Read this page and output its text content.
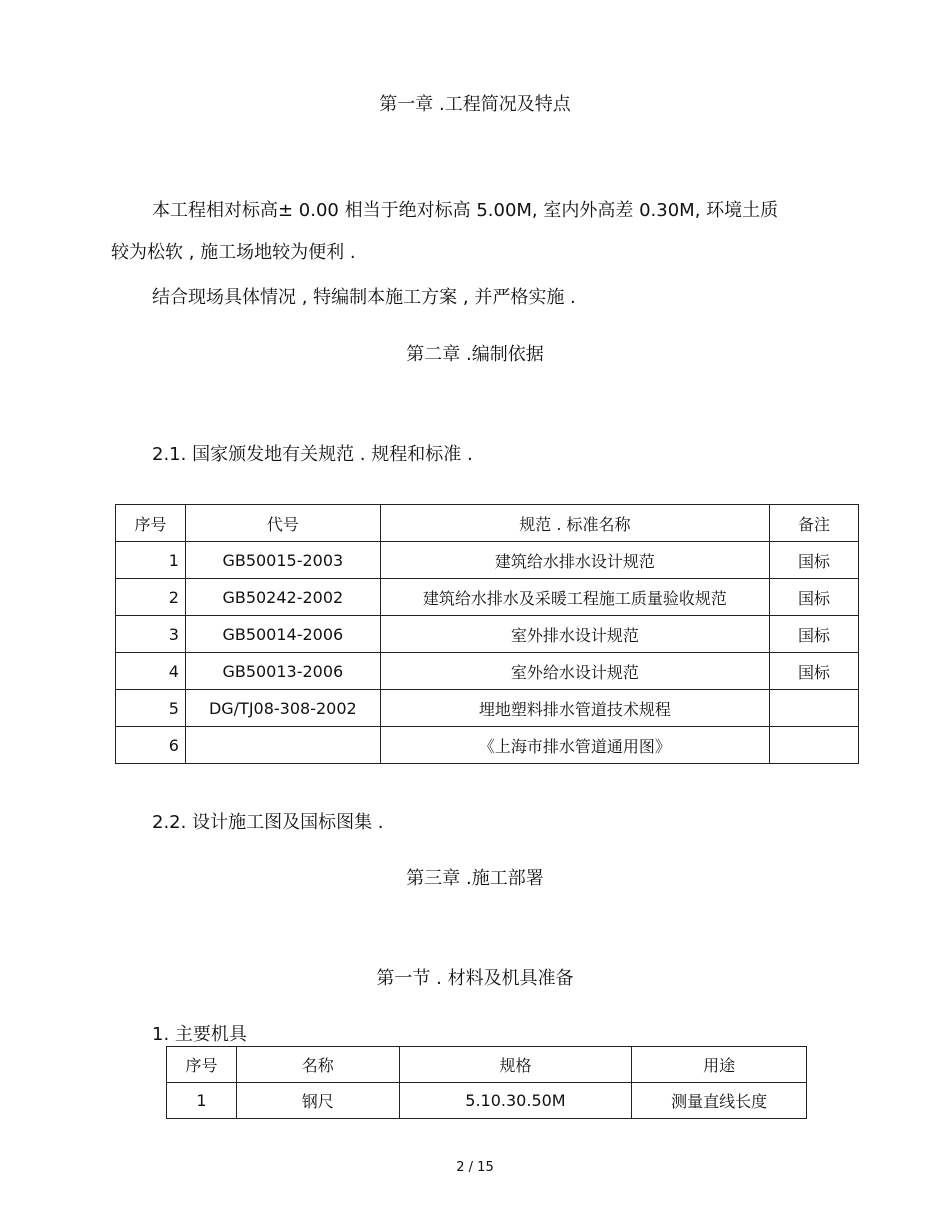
第一章 .工程简况及特点
本工程相对标高± 0.00 相当于绝对标高 5.00M, 室内外高差 0.30M, 环境土质
较为松软 , 施工场地较为便利 .
结合现场具体情况 , 特编制本施工方案 , 并严格实施 .
第二章 .编制依据
2.1. 国家颁发地有关规范 . 规程和标准 .
序号	代号	规范 . 标准名称	备注
1	GB50015-2003	建筑给水排水设计规范	国标
2	GB50242-2002	建筑给水排水及采暖工程施工质量验收规范	国标
3	GB50014-2006	室外排水设计规范	国标
4	GB50013-2006	室外给水设计规范	国标
5	DG/TJ08-308-2002	埋地塑料排水管道技术规程	
6		《上海市排水管道通用图》	
2.2. 设计施工图及国标图集 .
第三章 .施工部署
第一节 . 材料及机具准备
1. 主要机具
序号	名称	规格	用途
1	钢尺	5.10.30.50M	测量直线长度
2 / 15
